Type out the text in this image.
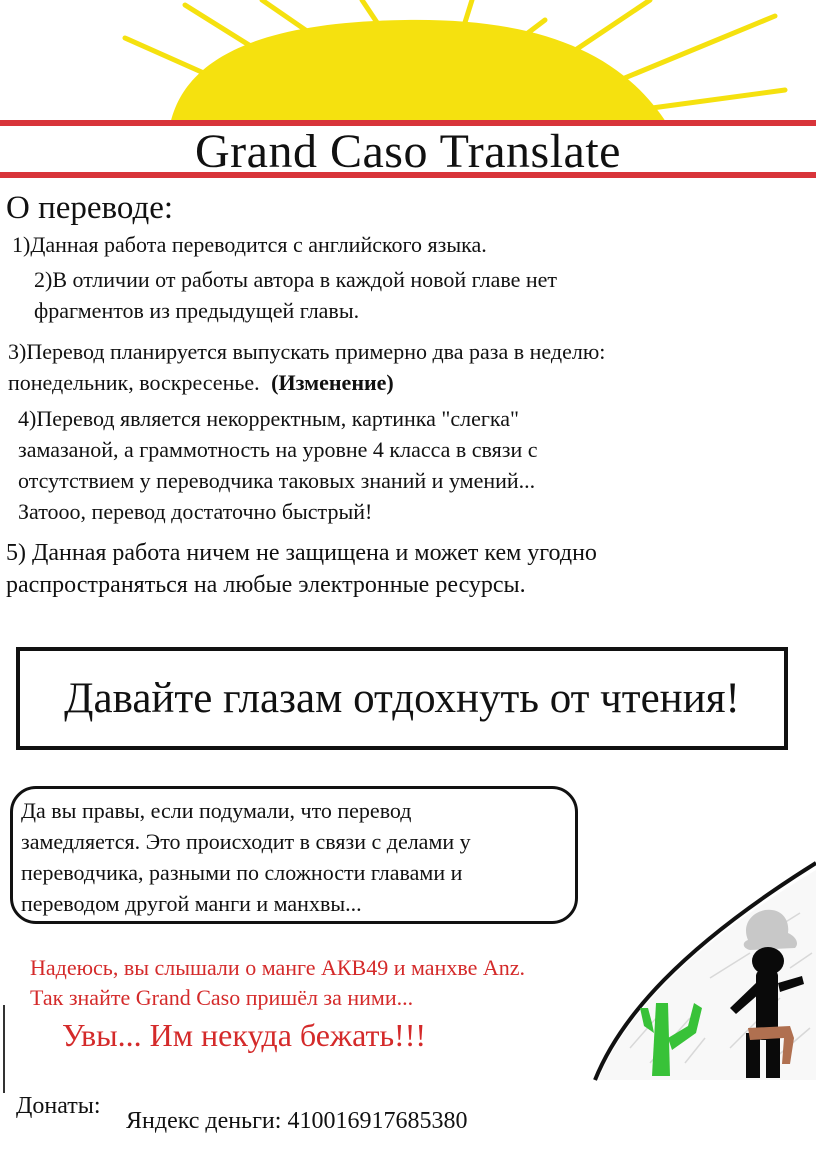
Grand Caso Translate
О переводе:
1)Данная работа переводится с английского языка.
2)В отличии от работы автора в каждой новой главе нет
фрагментов из предыдущей главы.
3)Перевод планируется выпускать примерно два раза в неделю:
понедельник, воскресенье. (Изменение)
4)Перевод является некорректным, картинка "слегка"
замазаной, а граммотность на уровне 4 класса в связи с
отсутствием у переводчика таковых знаний и умений...
Затооо, перевод достаточно быстрый!
5) Данная работа ничем не защищена и может кем угодно
распространяться на любые электронные ресурсы.
Давайте глазам отдохнуть от чтения!
Да вы правы, если подумали, что перевод
замедляется. Это происходит в связи с делами у
переводчика, разными по сложности главами и
переводом другой манги и манхвы...
Надеюсь, вы слышали о манге АКВ49 и манхве Anz.
Так знайте Grand Caso пришёл за ними...
Увы... Им некуда бежать!!!
Донаты:
Яндекс деньги: 410016917685380
